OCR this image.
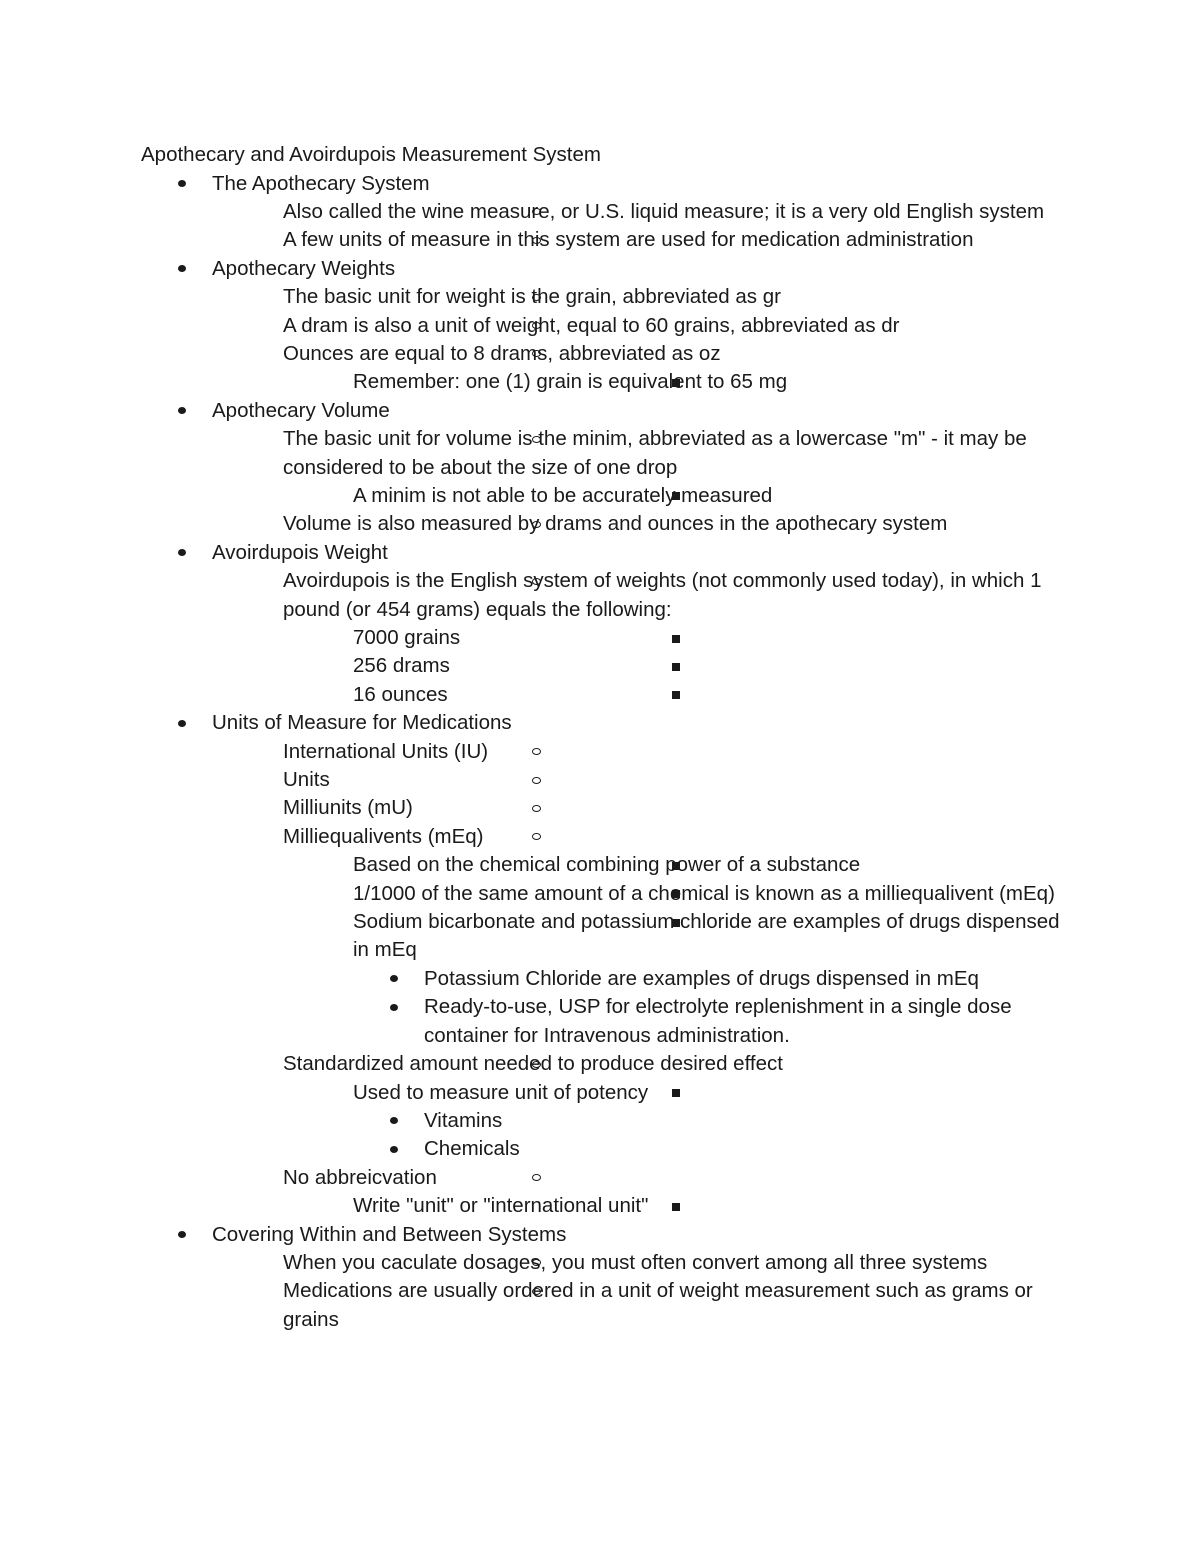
Apothecary and Avoirdupois Measurement System
The Apothecary System
Also called the wine measure, or U.S. liquid measure; it is a very old English system
A few units of measure in this system are used for medication administration
Apothecary Weights
The basic unit for weight is the grain, abbreviated as gr
A dram is also a unit of weight, equal to 60 grains, abbreviated as dr
Ounces are equal to 8 drams, abbreviated as oz
Remember: one (1) grain is equivalent to 65 mg
Apothecary Volume
The basic unit for volume is the minim, abbreviated as a lowercase "m" - it may be considered to be about the size of one drop
A minim is not able to be accurately measured
Volume is also measured by drams and ounces in the apothecary system
Avoirdupois Weight
Avoirdupois is the English system of weights (not commonly used today), in which 1 pound (or 454 grams) equals the following:
7000 grains
256 drams
16 ounces
Units of Measure for Medications
International Units (IU)
Units
Milliunits (mU)
Milliequalivents (mEq)
Based on the chemical combining power of a substance
1/1000 of the same amount of a chemical is known as a milliequalivent (mEq)
Sodium bicarbonate and potassium chloride are examples of drugs dispensed in mEq
Potassium Chloride are examples of drugs dispensed in mEq
Ready-to-use, USP for electrolyte replenishment in a single dose container for Intravenous administration.
Standardized amount needed to produce desired effect
Used to measure unit of potency
Vitamins
Chemicals
No abbreicvation
Write "unit" or "international unit"
Covering Within and Between Systems
When you caculate dosages, you must often convert among all three systems
Medications are usually ordered in a unit of weight measurement such as grams or grains
